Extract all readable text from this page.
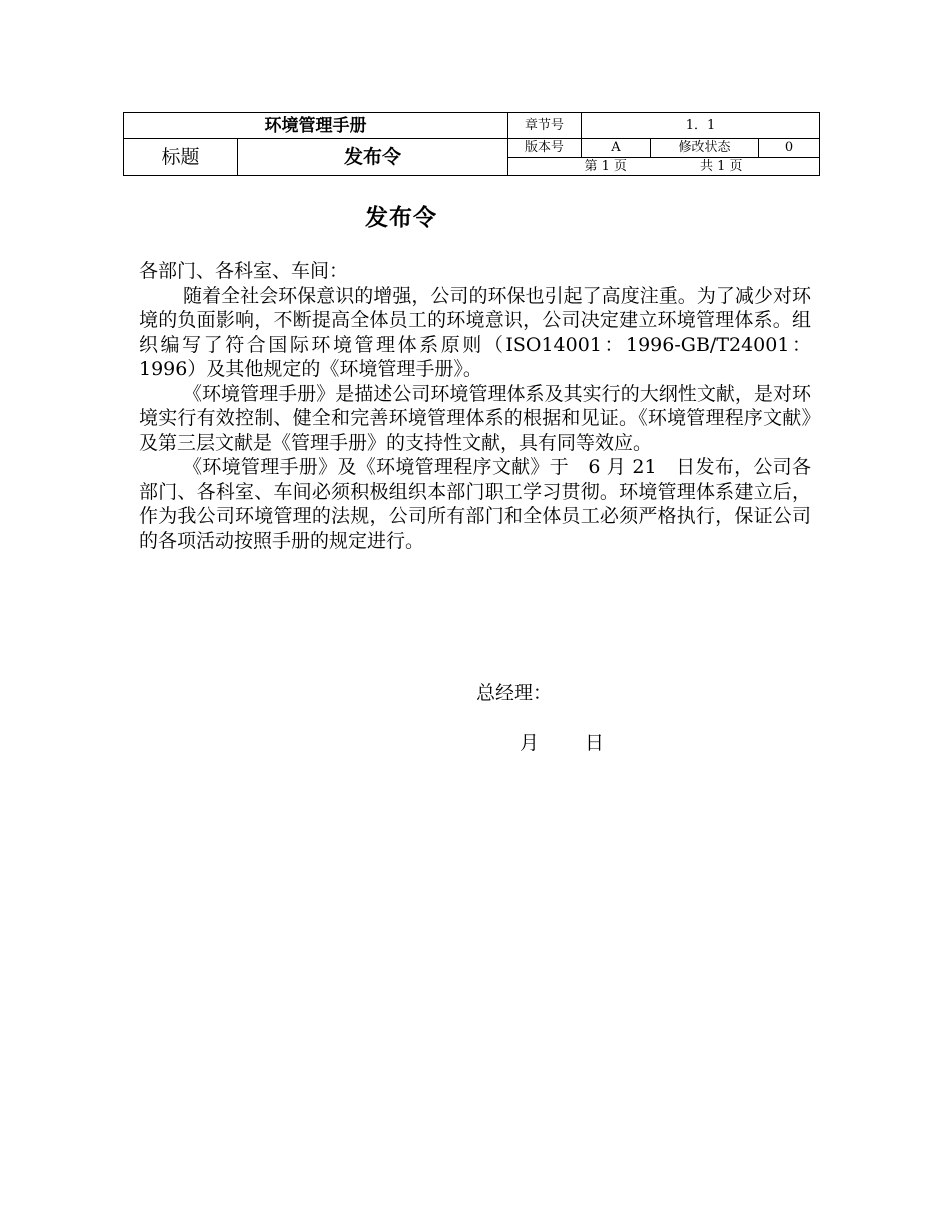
环境管理手册		章节号	1．1		
标题	发布令	版本号	A	修改状态	0

		第 1 页 共 1 页			
发布令

各部门、各科室、车间：

随着全社会环保意识的增强，公司的环保也引起了高度注重。为了减少对环境的负面影响，不断提高全体员工的环境意识，公司决定建立环境管理体系。组织编写了符合国际环境管理体系原则（ISO14001：1996-GB/T24001：1996）及其他规定的《环境管理手册》。

《环境管理手册》是描述公司环境管理体系及其实行的大纲性文献，是对环境实行有效控制、健全和完善环境管理体系的根据和见证。《环境管理程序文献》及第三层文献是《管理手册》的支持性文献，具有同等效应。

《环境管理手册》及《环境管理程序文献》于　6 月 21　日发布，公司各部门、各科室、车间必须积极组织本部门职工学习贯彻。环境管理体系建立后，作为我公司环境管理的法规，公司所有部门和全体员工必须严格执行，保证公司的各项活动按照手册的规定进行。

总经理：
月 日
